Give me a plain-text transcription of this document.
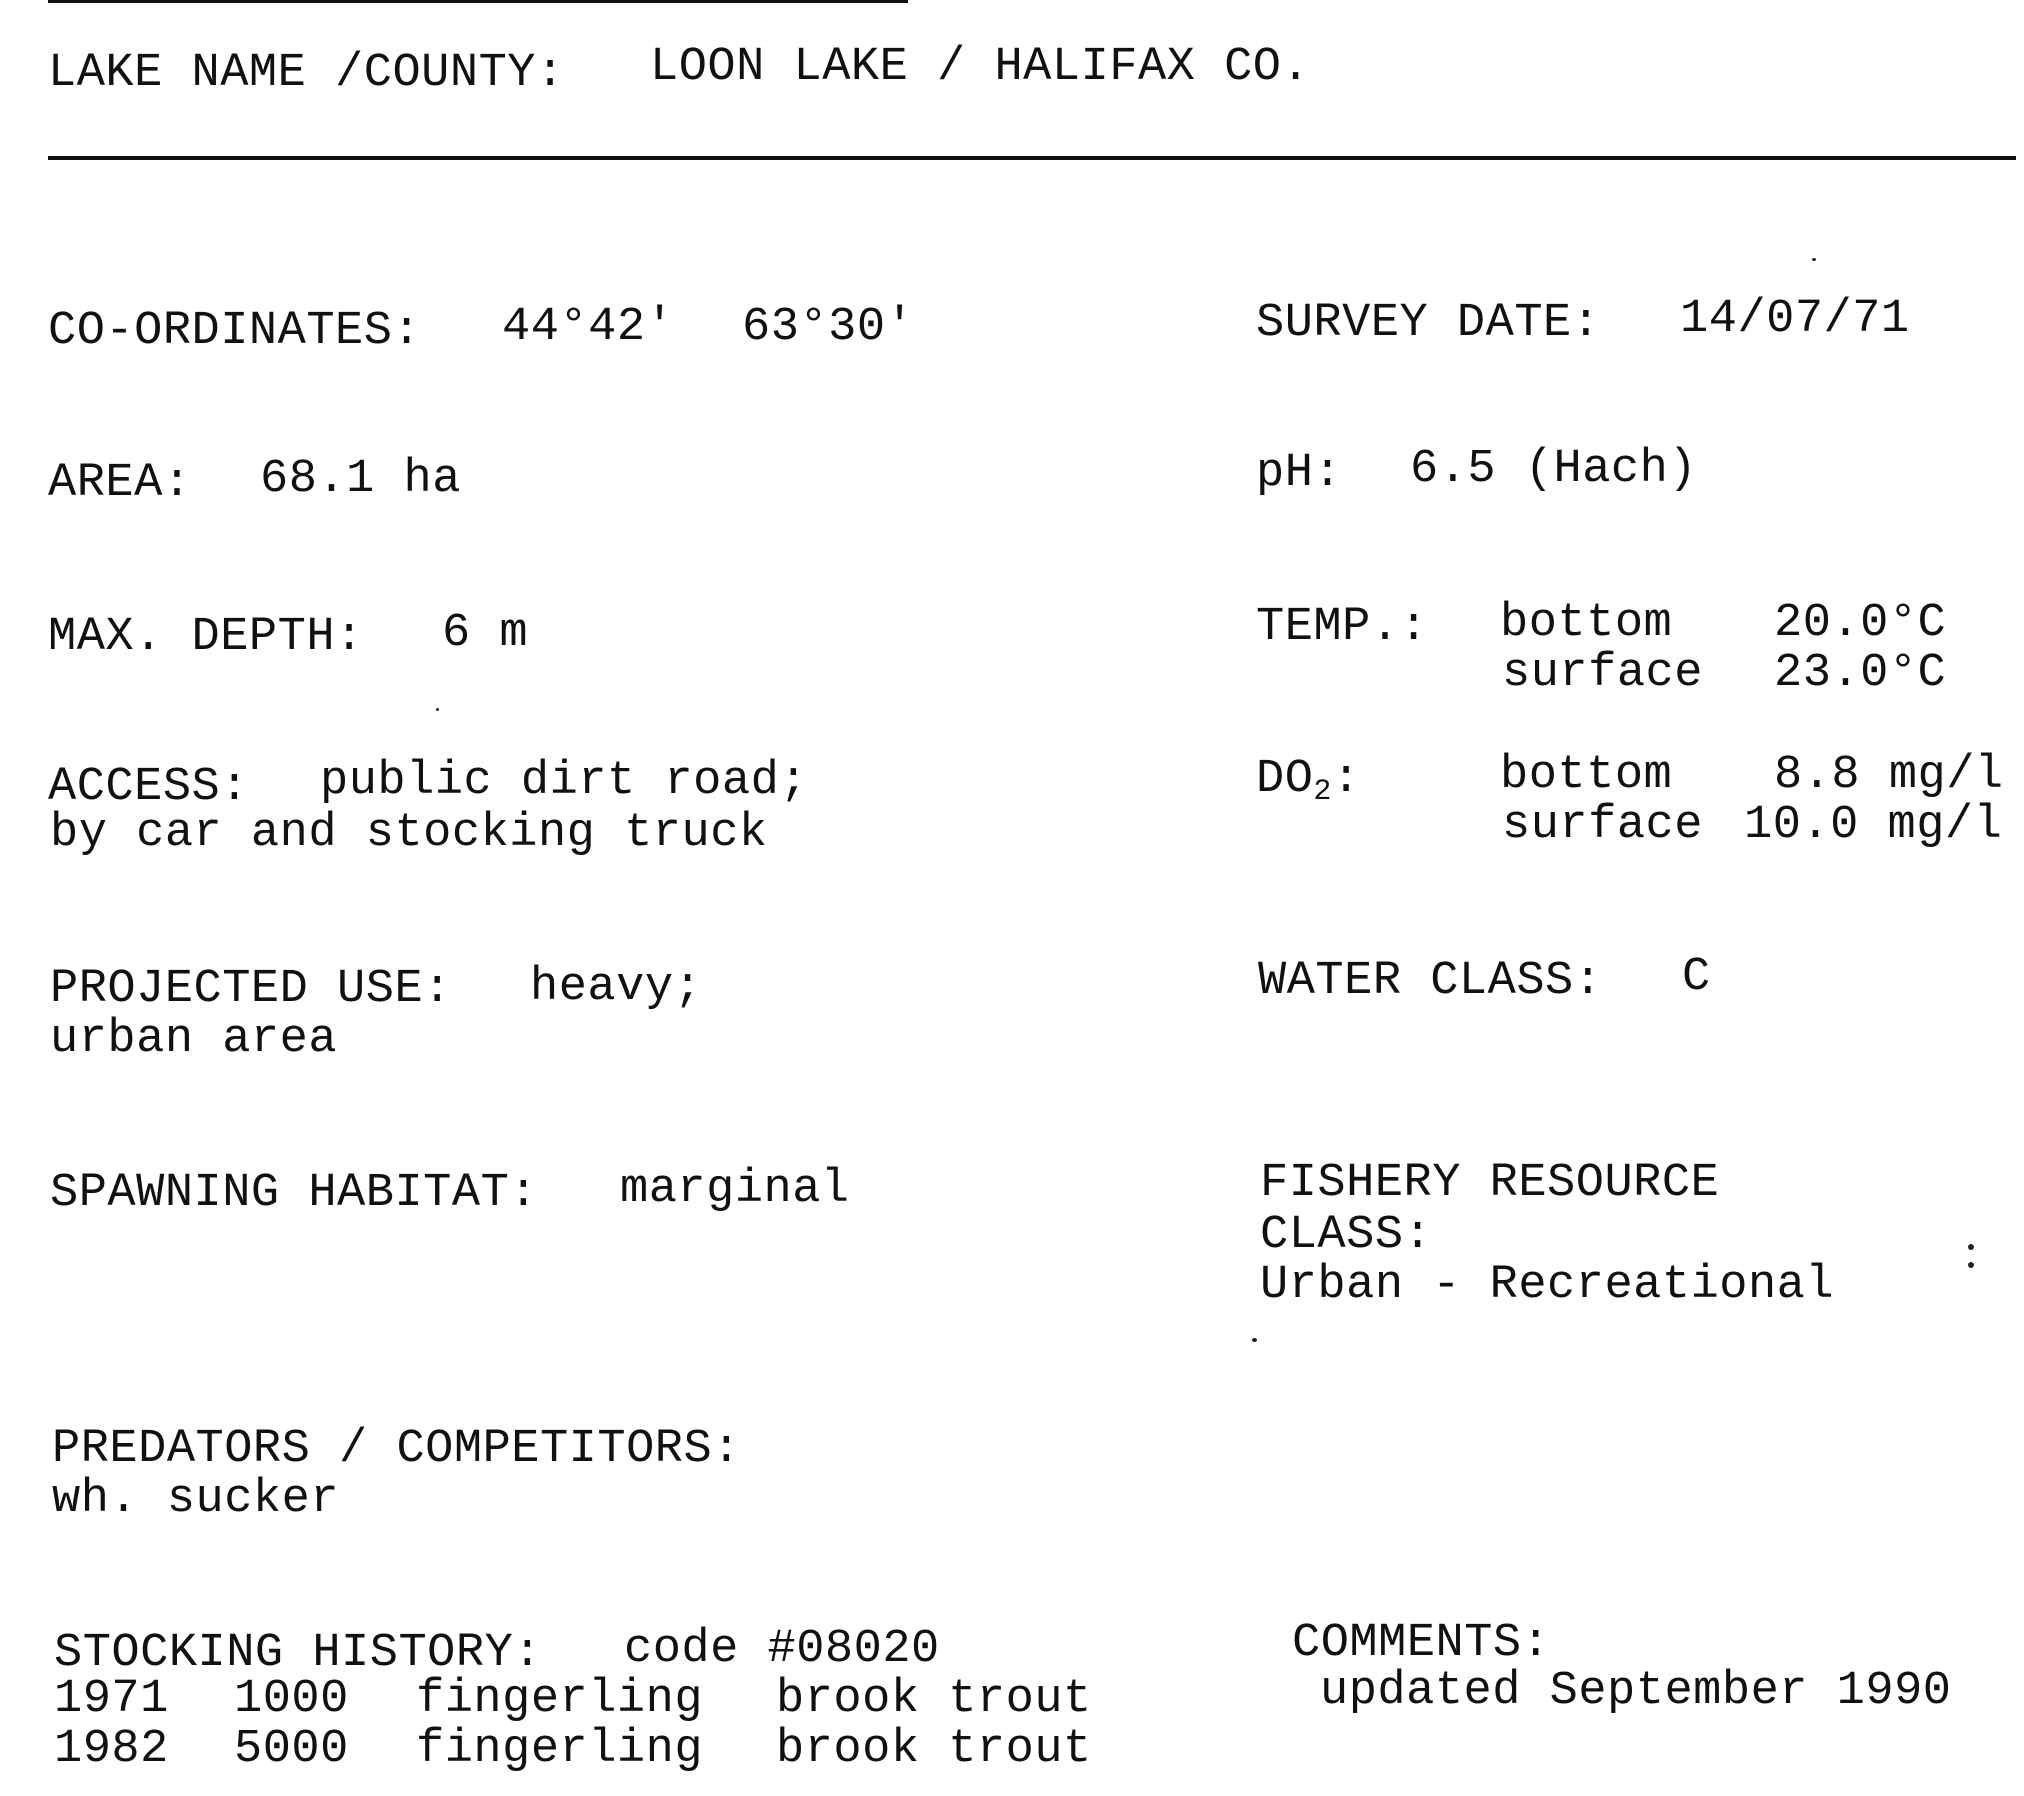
LAKE NAME /COUNTY: LOON LAKE / HALIFAX CO.
CO-ORDINATES: 44°42' 63°30'
AREA: 68.1 ha
MAX. DEPTH: 6 m
ACCESS: public dirt road;
by car and stocking truck
PROJECTED USE: heavy;
urban area
SPAWNING HABITAT: marginal
PREDATORS / COMPETITORS:
wh. sucker
STOCKING HISTORY: code #08020
1971 1000 fingerling brook trout
1982 5000 fingerling brook trout
SURVEY DATE: 14/07/71
pH: 6.5 (Hach)
TEMP.: bottom 20.0°C
surface 23.0°C
$DO_2$:	bottom 8.8 mg/l
surface 10.0 mg/l
WATER CLASS: C
FISHERY RESOURCE
CLASS:
Urban - Recreational
COMMENTS:
updated September 1990
